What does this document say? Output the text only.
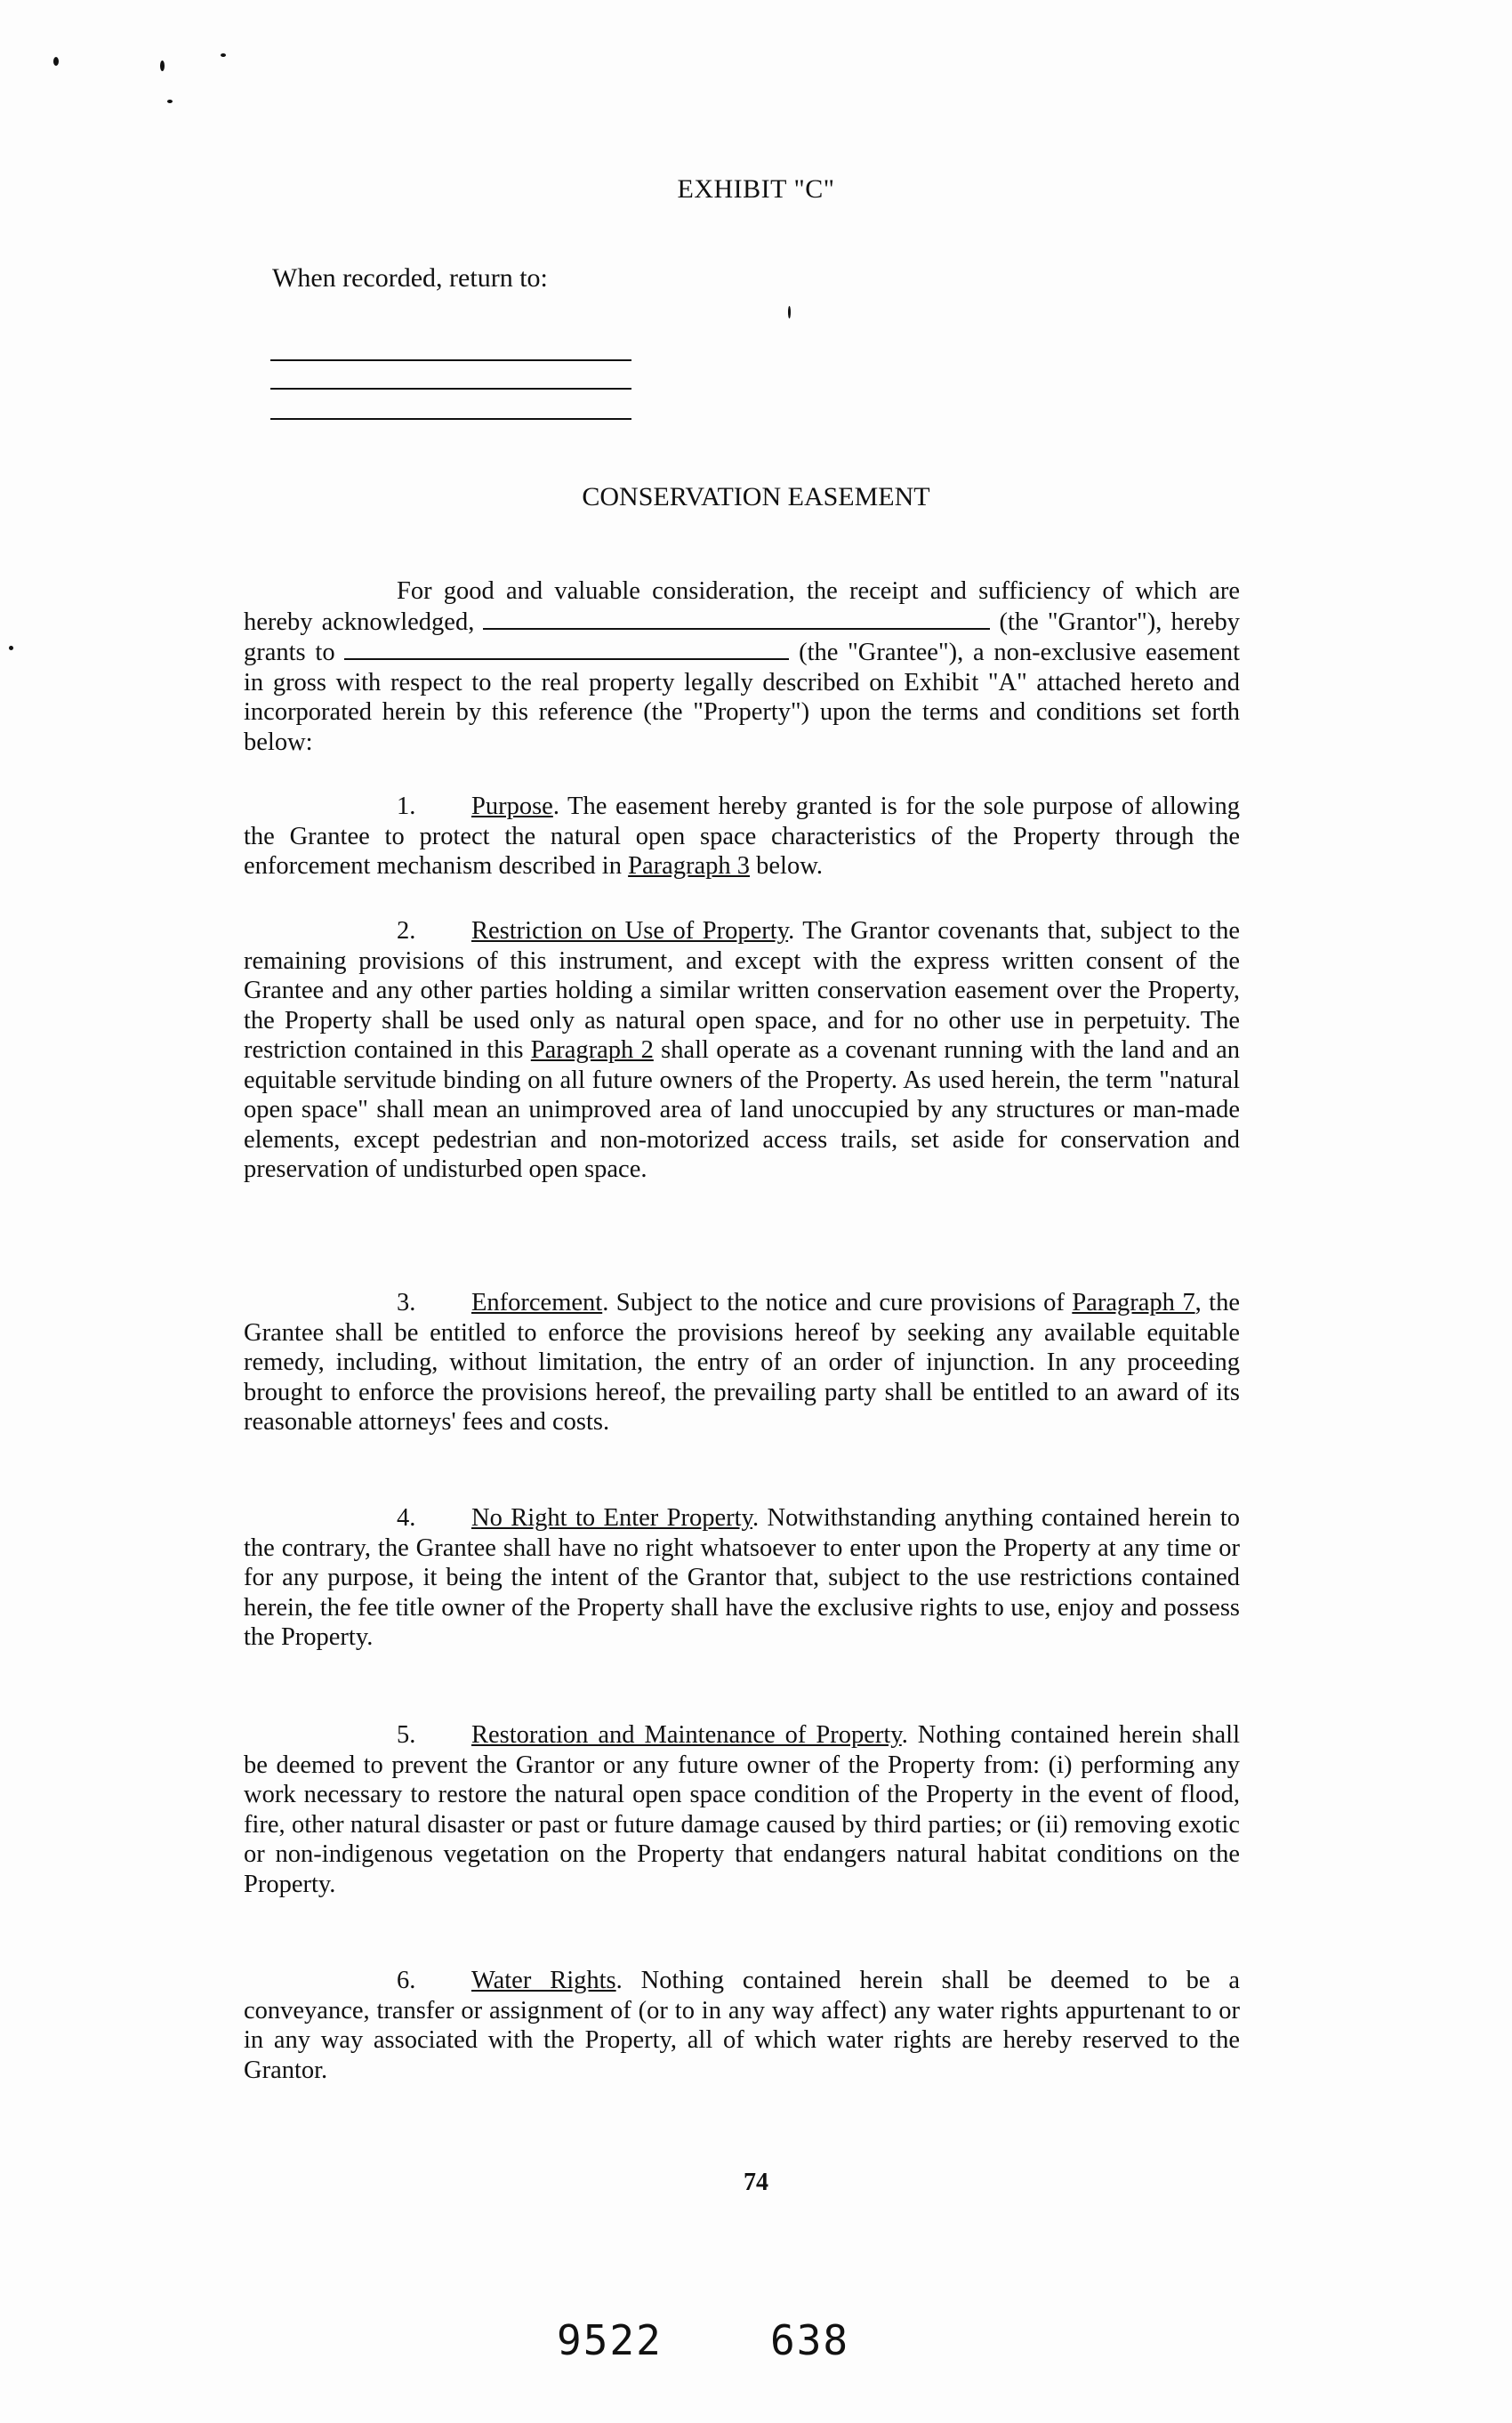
EXHIBIT "C"
When recorded, return to:
CONSERVATION EASEMENT
For good and valuable consideration, the receipt and sufficiency of which are hereby acknowledged,	(the "Grantor"), hereby grants to	(the "Grantee"), a non-exclusive easement in gross with respect to the real property legally described on Exhibit "A" attached hereto and incorporated herein by this reference (the "Property") upon the terms and conditions set forth below:
1. Purpose. The easement hereby granted is for the sole purpose of allowing the Grantee to protect the natural open space characteristics of the Property through the enforcement mechanism described in Paragraph 3 below.
2. Restriction on Use of Property. The Grantor covenants that, subject to the remaining provisions of this instrument, and except with the express written consent of the Grantee and any other parties holding a similar written conservation easement over the Property, the Property shall be used only as natural open space, and for no other use in perpetuity. The restriction contained in this Paragraph 2 shall operate as a covenant running with the land and an equitable servitude binding on all future owners of the Property. As used herein, the term "natural open space" shall mean an unimproved area of land unoccupied by any structures or man-made elements, except pedestrian and non-motorized access trails, set aside for conservation and preservation of undisturbed open space.
3. Enforcement. Subject to the notice and cure provisions of Paragraph 7, the Grantee shall be entitled to enforce the provisions hereof by seeking any available equitable remedy, including, without limitation, the entry of an order of injunction. In any proceeding brought to enforce the provisions hereof, the prevailing party shall be entitled to an award of its reasonable attorneys' fees and costs.
4. No Right to Enter Property. Notwithstanding anything contained herein to the contrary, the Grantee shall have no right whatsoever to enter upon the Property at any time or for any purpose, it being the intent of the Grantor that, subject to the use restrictions contained herein, the fee title owner of the Property shall have the exclusive rights to use, enjoy and possess the Property.
5. Restoration and Maintenance of Property. Nothing contained herein shall be deemed to prevent the Grantor or any future owner of the Property from: (i) performing any work necessary to restore the natural open space condition of the Property in the event of flood, fire, other natural disaster or past or future damage caused by third parties; or (ii) removing exotic or non-indigenous vegetation on the Property that endangers natural habitat conditions on the Property.
6. Water Rights. Nothing contained herein shall be deemed to be a conveyance, transfer or assignment of (or to in any way affect) any water rights appurtenant to or in any way associated with the Property, all of which water rights are hereby reserved to the Grantor.
74
9522	638
